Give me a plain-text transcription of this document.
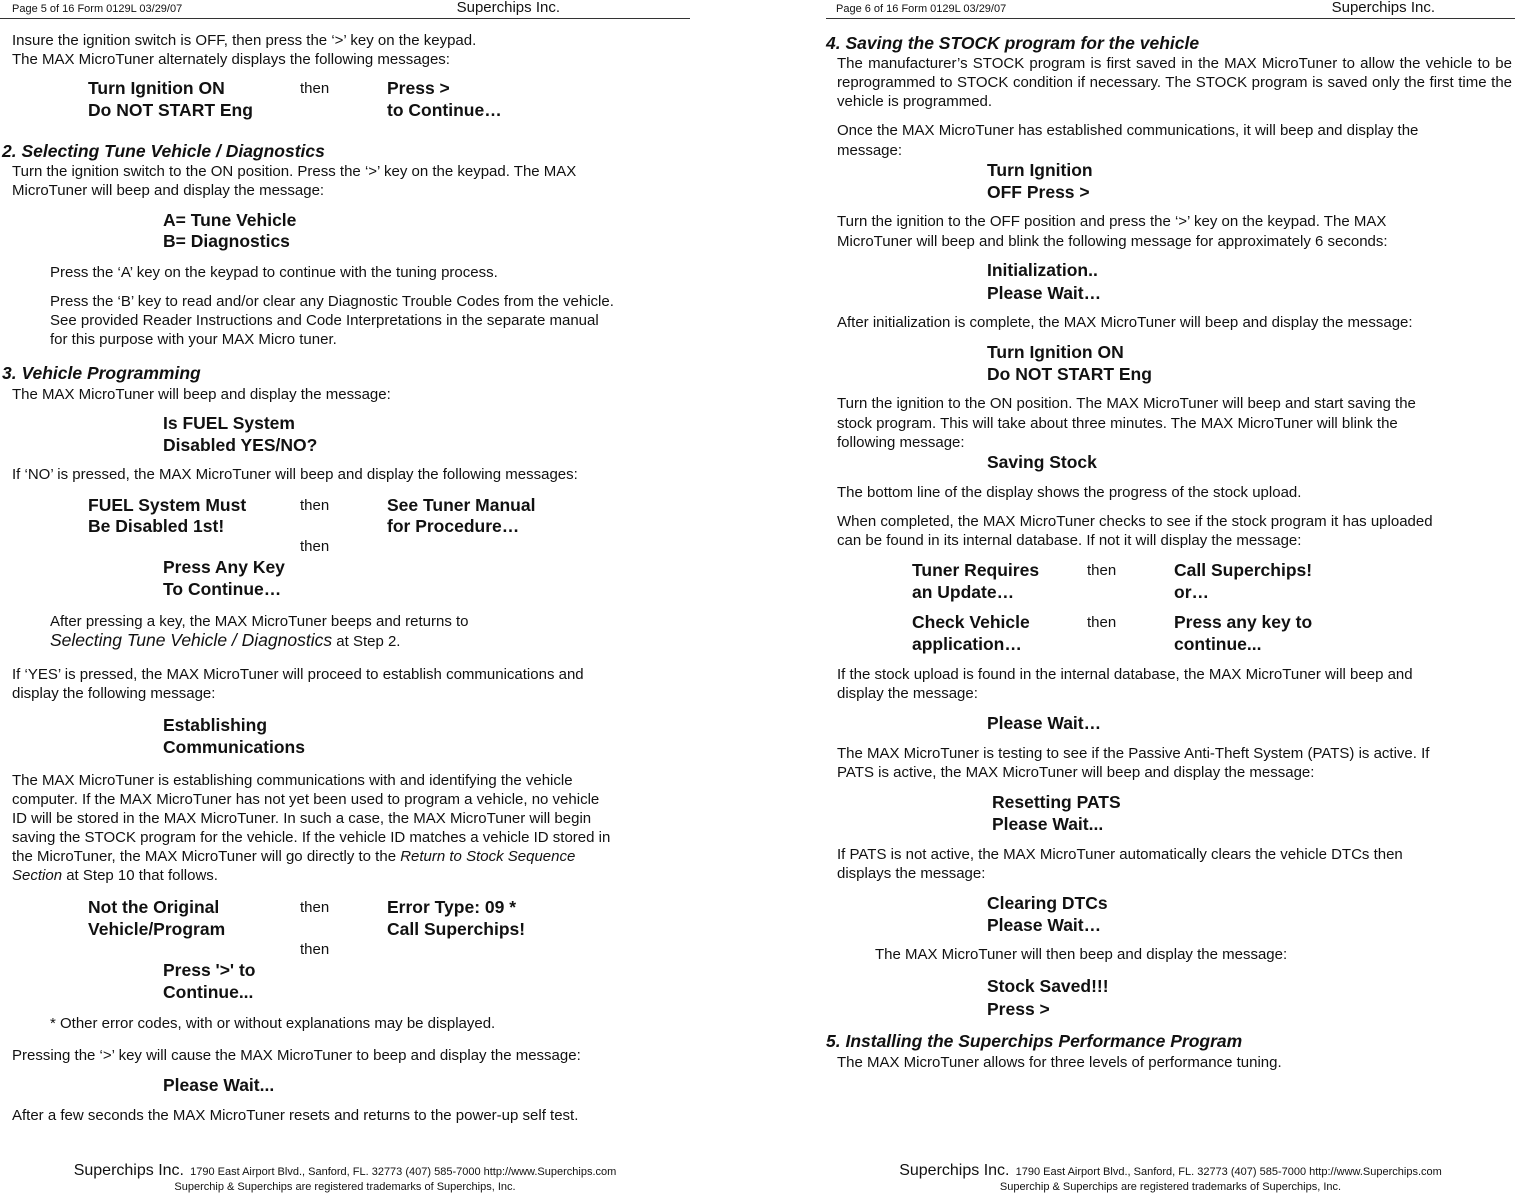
Page 5 of 16 Form 0129L 03/29/07	Superchips Inc.
Insure the ignition switch is OFF, then press the ‘>’ key on the keypad.
The MAX MicroTuner alternately displays the following messages:
Turn Ignition ON
Do NOT START Eng
then	Press >
to Continue…
2. Selecting Tune Vehicle / Diagnostics
Turn the ignition switch to the ON position. Press the ‘>’ key on the keypad. The MAX
MicroTuner will beep and display the message:
A= Tune Vehicle
B= Diagnostics
Press the ‘A’ key on the keypad to continue with the tuning process.
Press the ‘B’ key to read and/or clear any Diagnostic Trouble Codes from the vehicle.
See provided Reader Instructions and Code Interpretations in the separate manual
for this purpose with your MAX Micro tuner.
3. Vehicle Programming
The MAX MicroTuner will beep and display the message:
Is FUEL System
Disabled YES/NO?
If ‘NO’ is pressed, the MAX MicroTuner will beep and display the following messages:
FUEL System Must
Be Disabled 1st!
then	See Tuner Manual
for Procedure…
then
Press Any Key
To Continue…
After pressing a key, the MAX MicroTuner beeps and returns to
Selecting Tune Vehicle / Diagnostics at Step 2.
If ‘YES’ is pressed, the MAX MicroTuner will proceed to establish communications and
display the following message:
Establishing
Communications
The MAX MicroTuner is establishing communications with and identifying the vehicle
computer. If the MAX MicroTuner has not yet been used to program a vehicle, no vehicle
ID will be stored in the MAX MicroTuner. In such a case, the MAX MicroTuner will begin
saving the STOCK program for the vehicle. If the vehicle ID matches a vehicle ID stored in
the MicroTuner, the MAX MicroTuner will go directly to the Return to Stock Sequence
Section at Step 10 that follows.
Not the Original
Vehicle/Program
then	Error Type: 09 *
Call Superchips!
then
Press '>' to
Continue...
* Other error codes, with or without explanations may be displayed.
Pressing the ‘>’ key will cause the MAX MicroTuner to beep and display the message:
Please Wait...
After a few seconds the MAX MicroTuner resets and returns to the power-up self test.
Superchips Inc. 1790 East Airport Blvd., Sanford, FL. 32773 (407) 585-7000 http://www.Superchips.com
Superchip & Superchips are registered trademarks of Superchips, Inc.
Page 6 of 16 Form 0129L 03/29/07	Superchips Inc.
4. Saving the STOCK program for the vehicle
The manufacturer’s STOCK program is first saved in the MAX MicroTuner to allow the vehicle to be reprogrammed to STOCK condition if necessary. The STOCK program is saved only the first time the vehicle is programmed.
Once the MAX MicroTuner has established communications, it will beep and display the
message:
Turn Ignition
OFF Press >
Turn the ignition to the OFF position and press the ‘>’ key on the keypad. The MAX
MicroTuner will beep and blink the following message for approximately 6 seconds:
Initialization..
Please Wait…
After initialization is complete, the MAX MicroTuner will beep and display the message:
Turn Ignition ON
Do NOT START Eng
Turn the ignition to the ON position. The MAX MicroTuner will beep and start saving the
stock program. This will take about three minutes. The MAX MicroTuner will blink the
following message:
Saving Stock
The bottom line of the display shows the progress of the stock upload.
When completed, the MAX MicroTuner checks to see if the stock program it has uploaded
can be found in its internal database. If not it will display the message:
Tuner Requires
an Update…
then	Call Superchips!
or…
Check Vehicle
application…
then	Press any key to
continue...
If the stock upload is found in the internal database, the MAX MicroTuner will beep and
display the message:
Please Wait…
The MAX MicroTuner is testing to see if the Passive Anti-Theft System (PATS) is active. If
PATS is active, the MAX MicroTuner will beep and display the message:
Resetting PATS
Please Wait...
If PATS is not active, the MAX MicroTuner automatically clears the vehicle DTCs then
displays the message:
Clearing DTCs
Please Wait…
The MAX MicroTuner will then beep and display the message:
Stock Saved!!!
Press >
5. Installing the Superchips Performance Program
The MAX MicroTuner allows for three levels of performance tuning.
Superchips Inc. 1790 East Airport Blvd., Sanford, FL. 32773 (407) 585-7000 http://www.Superchips.com
Superchip & Superchips are registered trademarks of Superchips, Inc.
